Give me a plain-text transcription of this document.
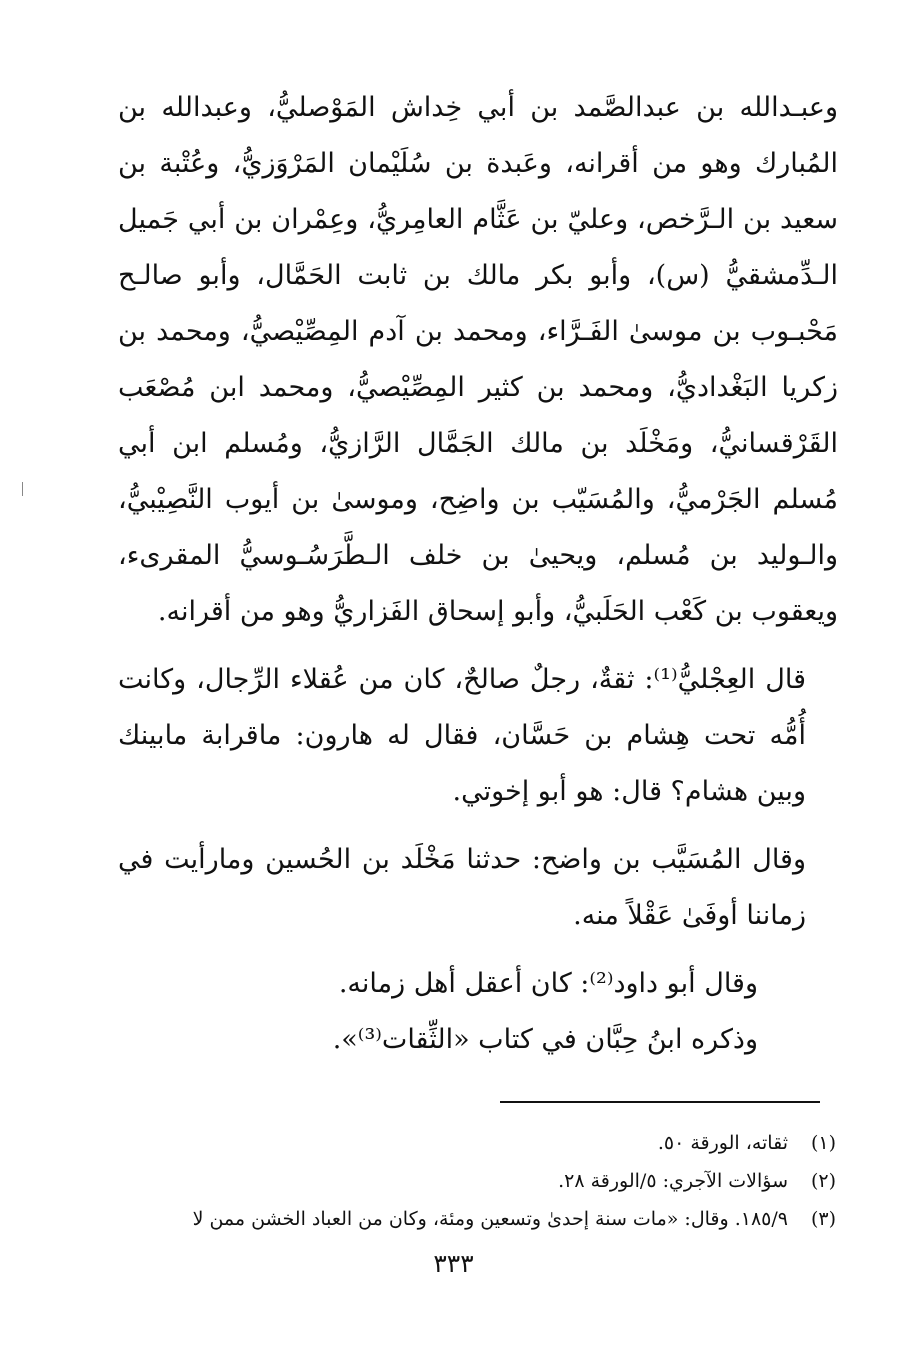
وعبـدالله بن عبدالصَّمد بن أبي خِداش المَوْصليُّ، وعبدالله بن المُبارك وهو من أقرانه، وعَبدة بن سُلَيْمان المَرْوَزيُّ، وعُتْبة بن سعيد بن الـرَّخص، وعليّ بن عَثَّام العامِريُّ، وعِمْران بن أبي جَميل الـدِّمشقيُّ (س)، وأبو بكر مالك بن ثابت الحَمَّال، وأبو صالـح مَحْبـوب بن موسىٰ الفَـرَّاء، ومحمد بن آدم المِصِّيْصيُّ، ومحمد بن زكريا البَغْداديُّ، ومحمد بن كثير المِصِّيْصيُّ، ومحمد ابن مُصْعَب القَرْقسانيُّ، ومَخْلَد بن مالك الجَمَّال الرَّازيُّ، ومُسلم ابن أبي مُسلم الجَرْميُّ، والمُسَيّب بن واضِح، وموسىٰ بن أيوب النَّصِيْبيُّ، والـوليد بن مُسلم، ويحيىٰ بن خلف الـطَّرَسُـوسيُّ المقرىء، ويعقوب بن كَعْب الحَلَبيُّ، وأبو إسحاق الفَزاريُّ وهو من أقرانه.

قال العِجْليُّ⁽¹⁾: ثقةٌ، رجلٌ صالحٌ، كان من عُقلاء الرِّجال، وكانت أُمُّه تحت هِشام بن حَسَّان، فقال له هارون: ماقرابة مابينك وبين هشام؟ قال: هو أبو إخوتي.

وقال المُسَيَّب بن واضح: حدثنا مَخْلَد بن الحُسين ومارأيت في زماننا أوفَىٰ عَقْلاً منه.

وقال أبو داود⁽²⁾: كان أعقل أهل زمانه.

وذكره ابنُ حِبَّان في كتاب «الثِّقات⁽³⁾».

(١)ثقاته، الورقة ٥٠.

(٢)سؤالات الآجري: ٥/الورقة ٢٨.

(٣)١٨٥/٩. وقال: «مات سنة إحدىٰ وتسعين ومئة، وكان من العباد الخشن ممن لا

٣٣٣
